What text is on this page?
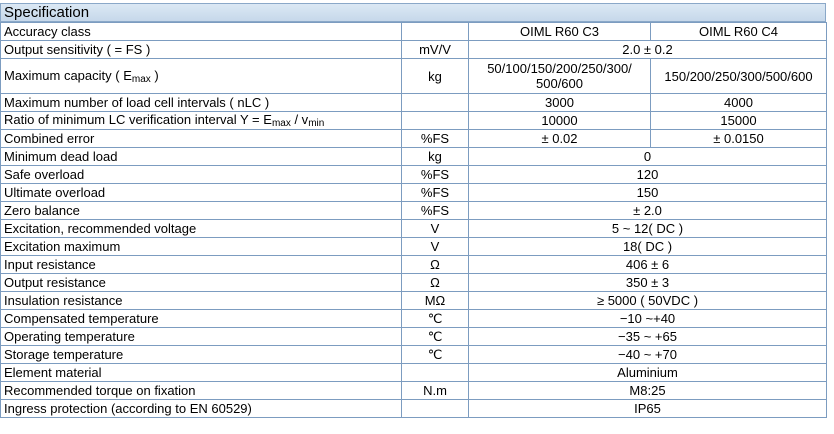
Specification
Accuracy class		OIML R60 C3	OIML R60 C4
Output sensitivity ( = FS )	mV/V	2.0 ± 0.2	
Maximum capacity ( $E_{max}$ )	kg	50/100/150/200/250/300/ 500/600	150/200/250/300/500/600
Maximum number of load cell intervals ( nLC )		3000	4000
Ratio of minimum LC verification interval $Y = E_{max} / v_{min}$		10000	15000
Combined error	%FS	± 0.02	± 0.0150
Minimum dead load	kg	0	
Safe overload	%FS	120	
Ultimate overload	%FS	150	
Zero balance	%FS	± 2.0	
Excitation, recommended voltage	V	5 ~ 12( DC )	
Excitation maximum	V	18( DC )	
Input resistance	Ω	406 ± 6	
Output resistance	Ω	350 ± 3	
Insulation resistance	MΩ	≥ 5000 ( 50VDC )	
Compensated temperature	℃	−10 ~+40	
Operating temperature	℃	−35 ~ +65	
Storage temperature	℃	−40 ~ +70	
Element material		Aluminium	
Recommended torque on fixation	N.m	M8:25	
Ingress protection (according to EN 60529)		IP65	
